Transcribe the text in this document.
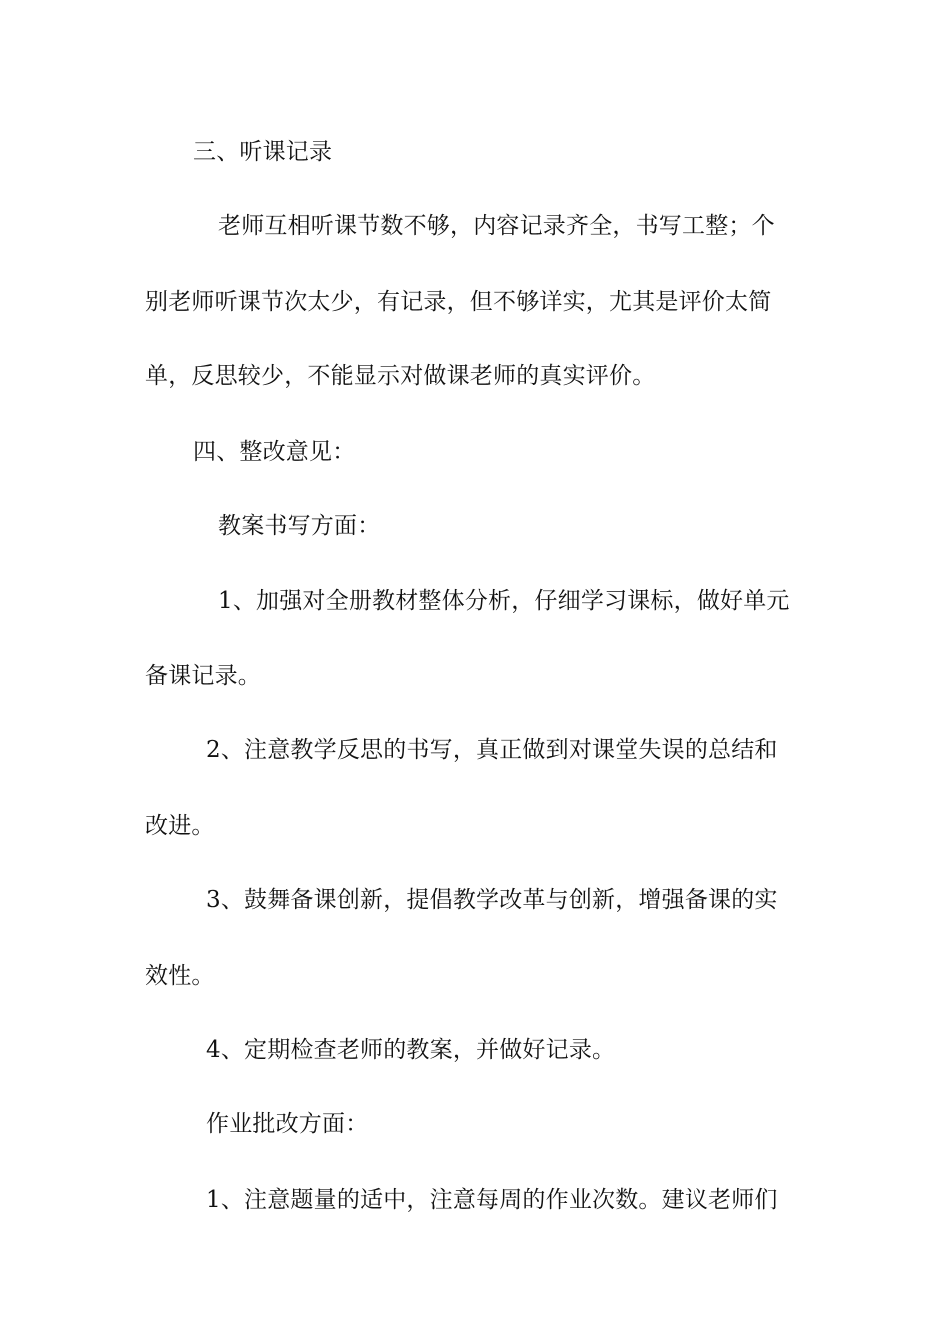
三、听课记录
老师互相听课节数不够，内容记录齐全，书写工整；个
别老师听课节次太少，有记录，但不够详实，尤其是评价太简
单，反思较少，不能显示对做课老师的真实评价。
四、整改意见：
教案书写方面：
1、加强对全册教材整体分析，仔细学习课标，做好单元
备课记录。
2、注意教学反思的书写，真正做到对课堂失误的总结和
改进。
3、鼓舞备课创新，提倡教学改革与创新，增强备课的实
效性。
4、定期检查老师的教案，并做好记录。
作业批改方面：
1、注意题量的适中，注意每周的作业次数。建议老师们
